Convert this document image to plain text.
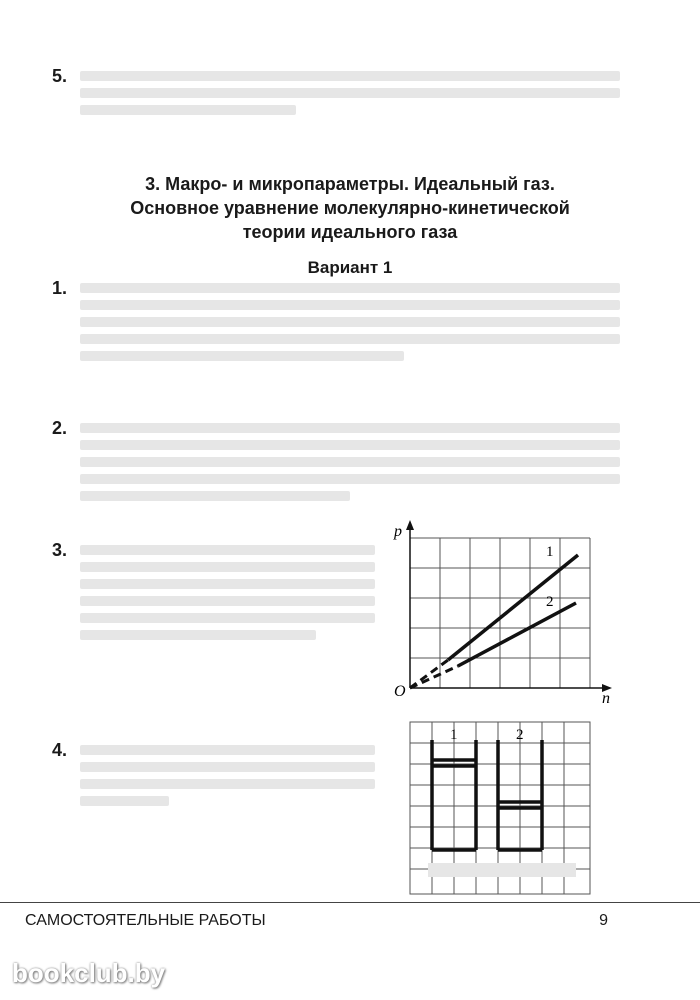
5.
3. Макро- и микропараметры. Идеальный газ.
Основное уравнение молекулярно-кинетической
теории идеального газа
Вариант 1
1.
2.
3.
p
n
O
1
2
4.
1	2
САМОСТОЯТЕЛЬНЫЕ РАБОТЫ	9
bookclub.by
